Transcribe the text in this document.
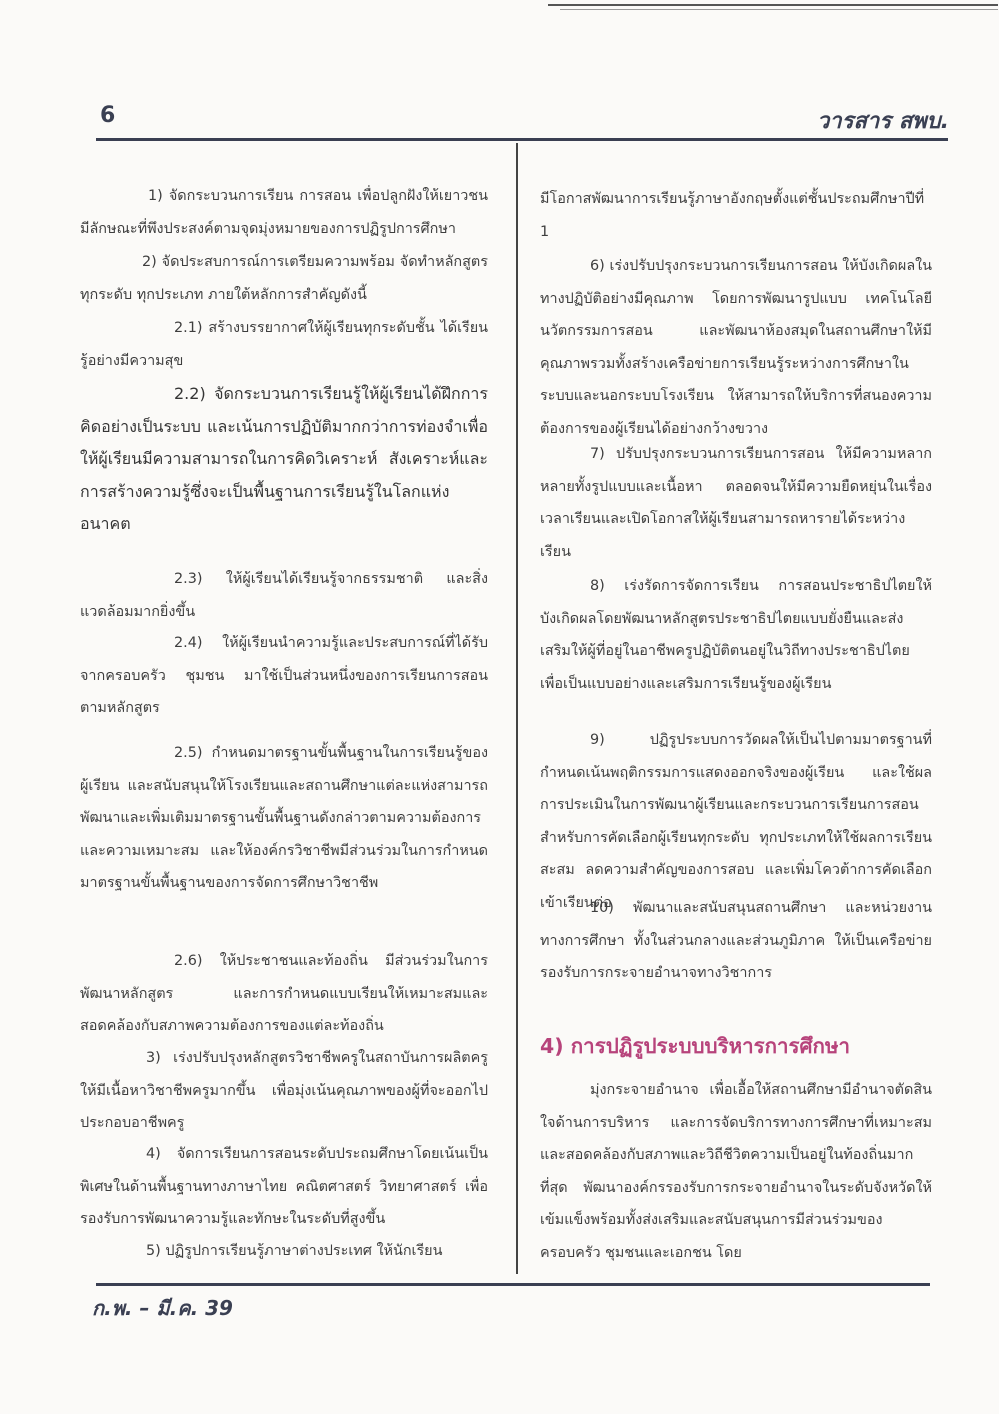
6	วารสาร สพบ.

1) จัดกระบวนการเรียน การสอน เพื่อปลูกฝังให้เยาวชนมีลักษณะที่พึงประสงค์ตามจุดมุ่งหมายของการปฏิรูปการศึกษา

2) จัดประสบการณ์การเตรียมความพร้อม จัดทำหลักสูตรทุกระดับ ทุกประเภท ภายใต้หลักการสำคัญดังนี้

2.1) สร้างบรรยากาศให้ผู้เรียนทุกระดับชั้น ได้เรียนรู้อย่างมีความสุข

2.2) จัดกระบวนการเรียนรู้ให้ผู้เรียนได้ฝึกการคิดอย่างเป็นระบบ และเน้นการปฏิบัติมากกว่าการท่องจำเพื่อให้ผู้เรียนมีความสามารถในการคิดวิเคราะห์ สังเคราะห์และการสร้างความรู้ซึ่งจะเป็นพื้นฐานการเรียนรู้ในโลกแห่งอนาคต

2.3) ให้ผู้เรียนได้เรียนรู้จากธรรมชาติ และสิ่งแวดล้อมมากยิ่งขึ้น

2.4) ให้ผู้เรียนนำความรู้และประสบการณ์ที่ได้รับจากครอบครัว ชุมชน มาใช้เป็นส่วนหนึ่งของการเรียนการสอน ตามหลักสูตร

2.5) กำหนดมาตรฐานขั้นพื้นฐานในการเรียนรู้ของผู้เรียน และสนับสนุนให้โรงเรียนและสถานศึกษาแต่ละแห่งสามารถพัฒนาและเพิ่มเติมมาตรฐานขั้นพื้นฐานดังกล่าวตามความต้องการและความเหมาะสม และให้องค์กรวิชาชีพมีส่วนร่วมในการกำหนดมาตรฐานขั้นพื้นฐานของการจัดการศึกษาวิชาชีพ

2.6) ให้ประชาชนและท้องถิ่น มีส่วนร่วมในการพัฒนาหลักสูตร และการกำหนดแบบเรียนให้เหมาะสมและสอดคล้องกับสภาพความต้องการของแต่ละท้องถิ่น

3) เร่งปรับปรุงหลักสูตรวิชาชีพครูในสถาบันการผลิตครู ให้มีเนื้อหาวิชาชีพครูมากขึ้น เพื่อมุ่งเน้นคุณภาพของผู้ที่จะออกไปประกอบอาชีพครู

4) จัดการเรียนการสอนระดับประถมศึกษาโดยเน้นเป็นพิเศษในด้านพื้นฐานทางภาษาไทย คณิตศาสตร์ วิทยาศาสตร์ เพื่อรองรับการพัฒนาความรู้และทักษะในระดับที่สูงขึ้น

5) ปฏิรูปการเรียนรู้ภาษาต่างประเทศ ให้นักเรียน

มีโอกาสพัฒนาการเรียนรู้ภาษาอังกฤษตั้งแต่ชั้นประถมศึกษาปีที่ 1

6) เร่งปรับปรุงกระบวนการเรียนการสอน ให้บังเกิดผลในทางปฏิบัติอย่างมีคุณภาพ โดยการพัฒนารูปแบบ เทคโนโลยีนวัตกรรมการสอน และพัฒนาห้องสมุดในสถานศึกษาให้มีคุณภาพรวมทั้งสร้างเครือข่ายการเรียนรู้ระหว่างการศึกษาในระบบและนอกระบบโรงเรียน ให้สามารถให้บริการที่สนองความต้องการของผู้เรียนได้อย่างกว้างขวาง

7) ปรับปรุงกระบวนการเรียนการสอน ให้มีความหลากหลายทั้งรูปแบบและเนื้อหา ตลอดจนให้มีความยืดหยุ่นในเรื่องเวลาเรียนและเปิดโอกาสให้ผู้เรียนสามารถหารายได้ระหว่างเรียน

8) เร่งรัดการจัดการเรียน การสอนประชาธิปไตยให้บังเกิดผลโดยพัฒนาหลักสูตรประชาธิปไตยแบบยั่งยืนและส่งเสริมให้ผู้ที่อยู่ในอาชีพครูปฏิบัติตนอยู่ในวิถีทางประชาธิปไตย เพื่อเป็นแบบอย่างและเสริมการเรียนรู้ของผู้เรียน

9) ปฏิรูประบบการวัดผลให้เป็นไปตามมาตรฐานที่กำหนดเน้นพฤติกรรมการแสดงออกจริงของผู้เรียน และใช้ผลการประเมินในการพัฒนาผู้เรียนและกระบวนการเรียนการสอน สำหรับการคัดเลือกผู้เรียนทุกระดับ ทุกประเภทให้ใช้ผลการเรียนสะสม ลดความสำคัญของการสอบ และเพิ่มโควต้าการคัดเลือกเข้าเรียนต่อ

10) พัฒนาและสนับสนุนสถานศึกษา และหน่วยงานทางการศึกษา ทั้งในส่วนกลางและส่วนภูมิภาค ให้เป็นเครือข่ายรองรับการกระจายอำนาจทางวิชาการ

4) การปฏิรูประบบบริหารการศึกษา

มุ่งกระจายอำนาจ เพื่อเอื้อให้สถานศึกษามีอำนาจตัดสินใจด้านการบริหาร และการจัดบริการทางการศึกษาที่เหมาะสม และสอดคล้องกับสภาพและวิถีชีวิตความเป็นอยู่ในท้องถิ่นมากที่สุด พัฒนาองค์กรรองรับการกระจายอำนาจในระดับจังหวัดให้เข้มแข็งพร้อมทั้งส่งเสริมและสนับสนุนการมีส่วนร่วมของครอบครัว ชุมชนและเอกชน โดย

ก.พ. – มี.ค. 39
